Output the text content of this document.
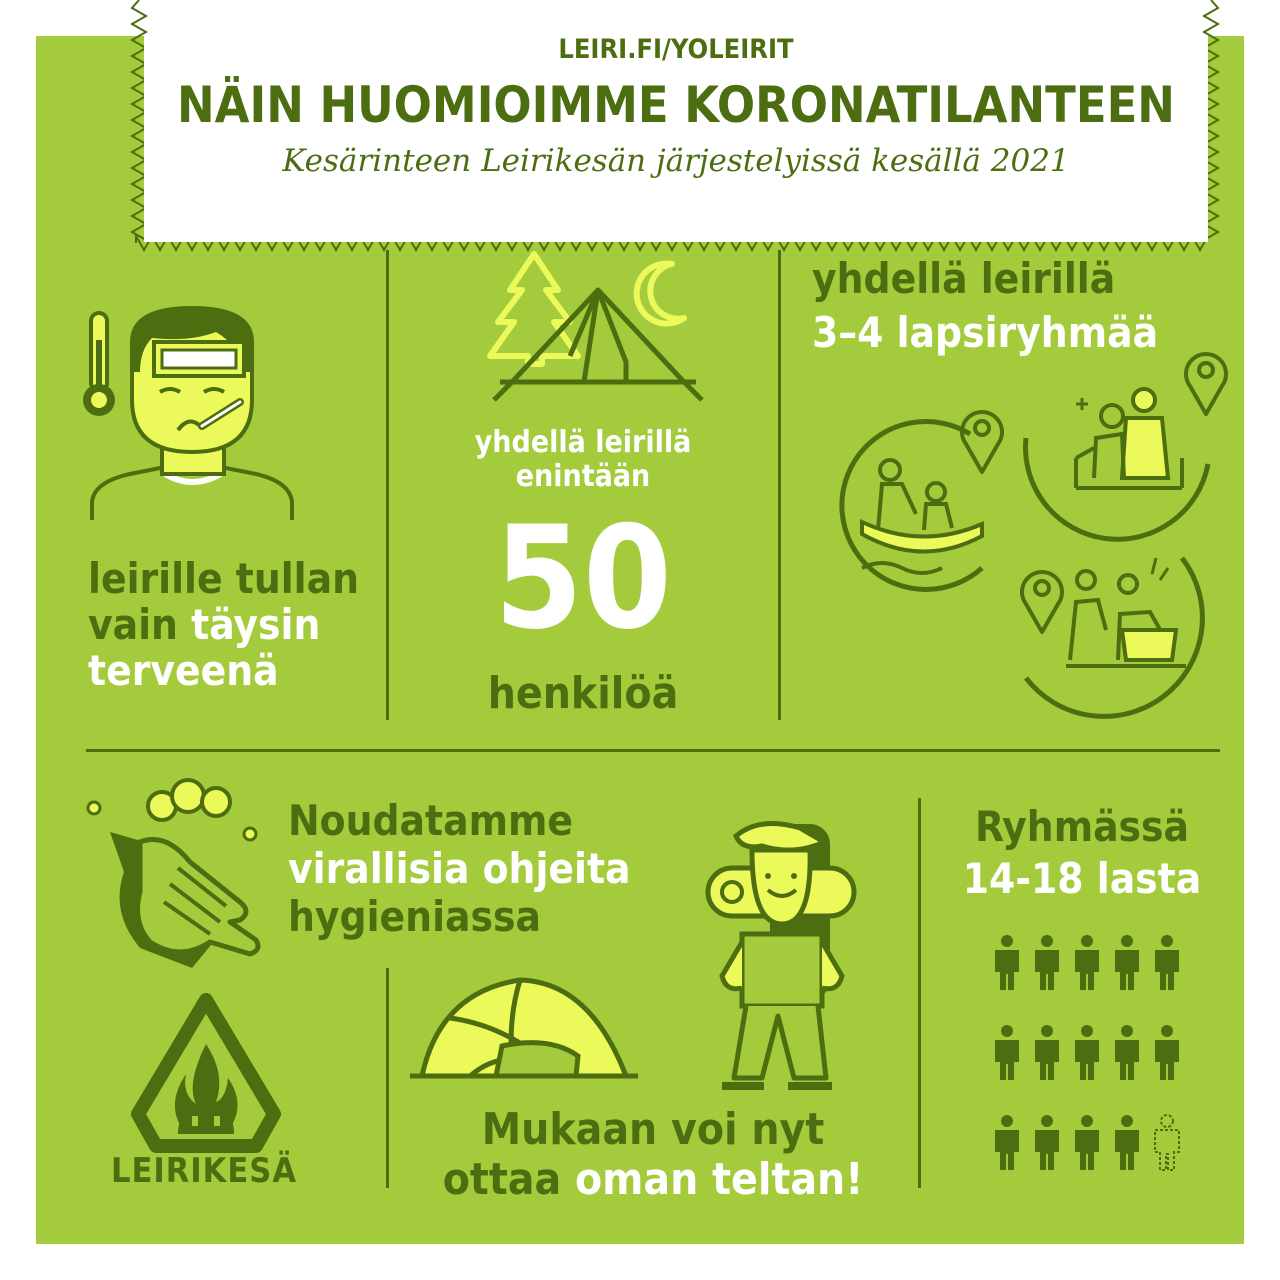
LEIRI.FI/YOLEIRIT

NÄIN HUOMIOIMME KORONATILANTEEN

Kesärinteen Leirikesän järjestelyissä kesällä 2021

leirille tullan

vain täysin

terveenä

yhdellä leirillä

enintään

50

henkilöä

yhdellä leirillä

3–4 lapsiryhmää

Noudatamme

virallisia ohjeita

hygieniassa

Ryhmässä

14-18 lasta

LEIRIKESÄ

Mukaan voi nyt

ottaa oman teltan!
